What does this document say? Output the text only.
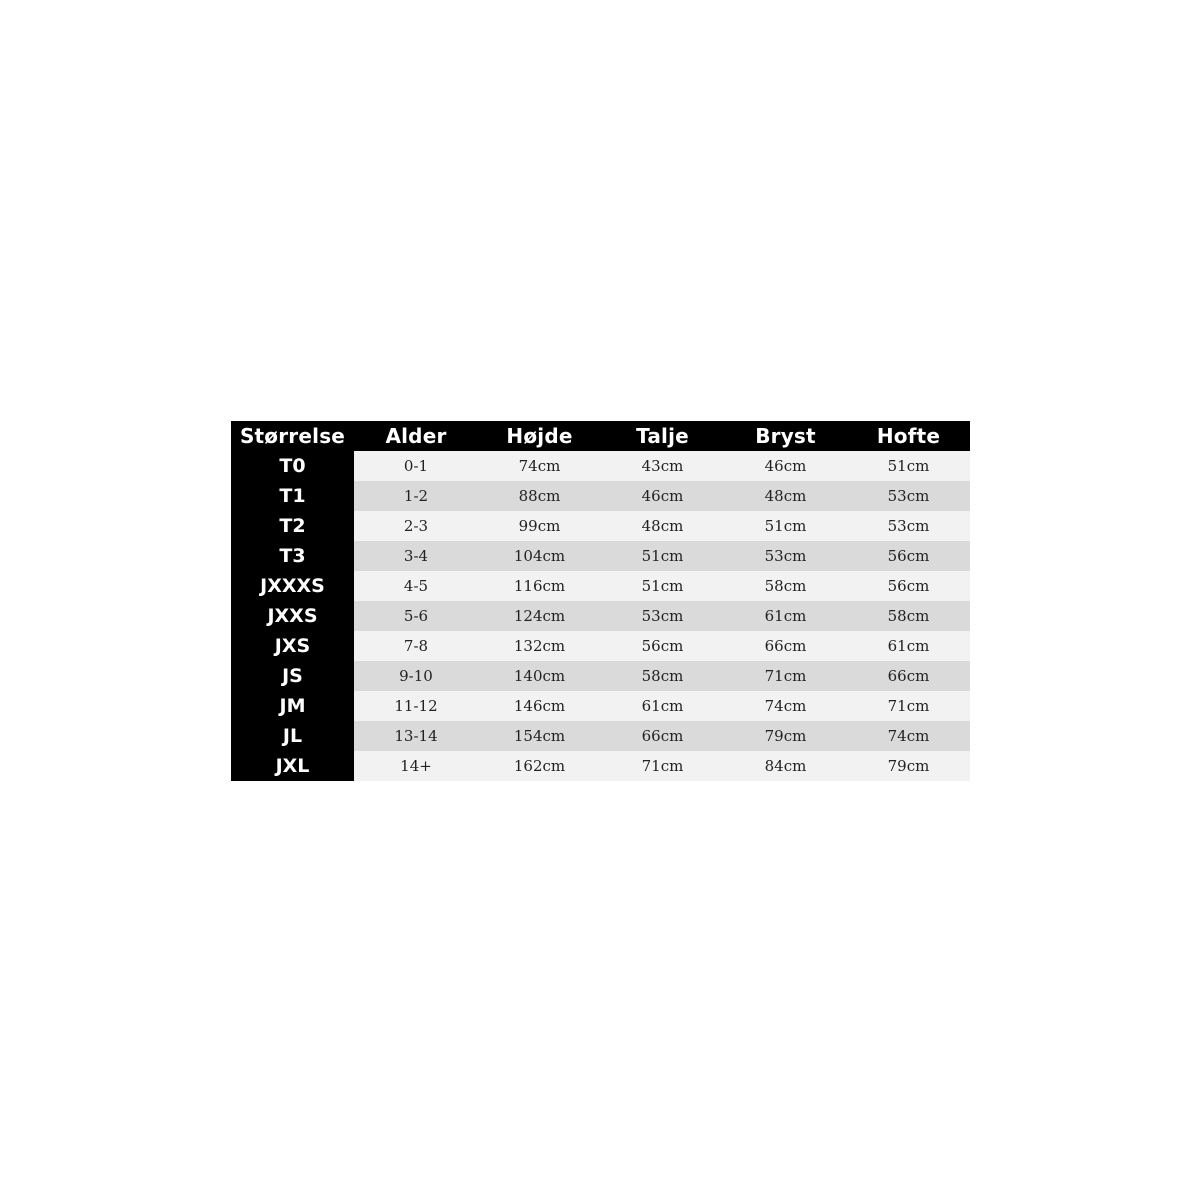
Størrelse	Alder	Højde	Talje	Bryst	Hofte
T0	0-1	74cm	43cm	46cm	51cm
T1	1-2	88cm	46cm	48cm	53cm
T2	2-3	99cm	48cm	51cm	53cm
T3	3-4	104cm	51cm	53cm	56cm
JXXXS	4-5	116cm	51cm	58cm	56cm
JXXS	5-6	124cm	53cm	61cm	58cm
JXS	7-8	132cm	56cm	66cm	61cm
JS	9-10	140cm	58cm	71cm	66cm
JM	11-12	146cm	61cm	74cm	71cm
JL	13-14	154cm	66cm	79cm	74cm
JXL	14+	162cm	71cm	84cm	79cm
